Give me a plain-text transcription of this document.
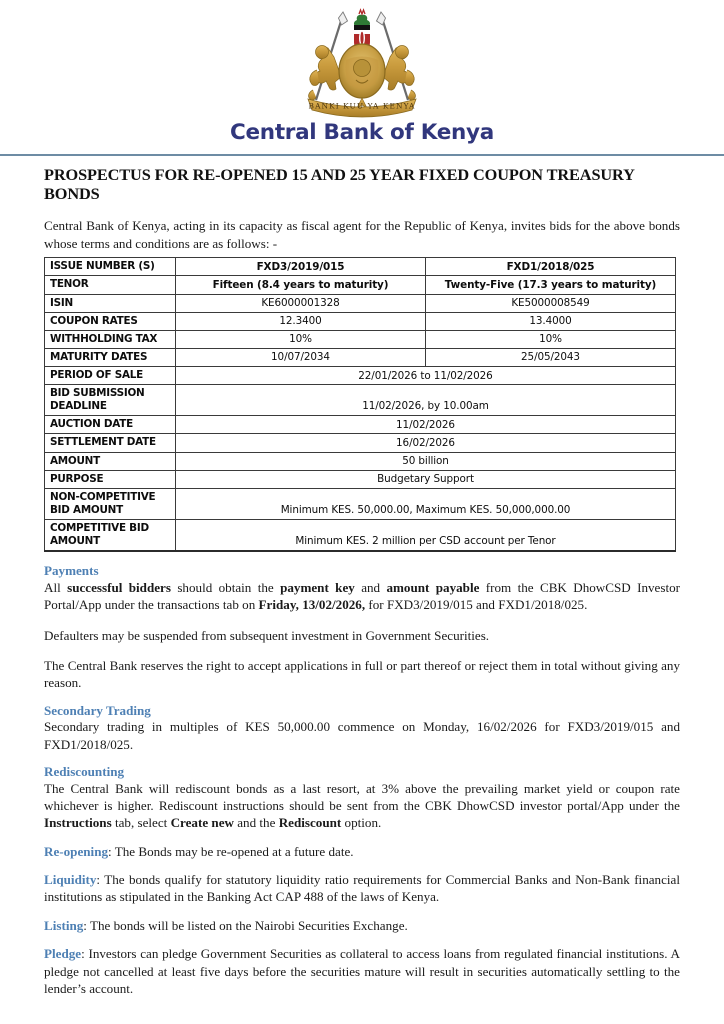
BANKI KUU YA KENYA
Central Bank of Kenya
PROSPECTUS FOR RE-OPENED 15 AND 25 YEAR FIXED COUPON TREASURY BONDS

Central Bank of Kenya, acting in its capacity as fiscal agent for the Republic of Kenya, invites bids for the above bonds whose terms and conditions are as follows: -

ISSUE NUMBER (S)	FXD3/2019/015	FXD1/2018/025
TENOR	Fifteen (8.4 years to maturity)	Twenty-Five (17.3 years to maturity)
ISIN	KE6000001328	KE5000008549
COUPON RATES	12.3400	13.4000
WITHHOLDING TAX	10%	10%
MATURITY DATES	10/07/2034	25/05/2043
PERIOD OF SALE	22/01/2026 to 11/02/2026	
BID SUBMISSION DEADLINE	11/02/2026, by 10.00am	
AUCTION DATE	11/02/2026	
SETTLEMENT DATE	16/02/2026	
AMOUNT	50 billion	
PURPOSE	Budgetary Support	
NON-COMPETITIVE BID AMOUNT	Minimum KES. 50,000.00, Maximum KES. 50,000,000.00	
COMPETITIVE BID AMOUNT	Minimum KES. 2 million per CSD account per Tenor	
Payments

All successful bidders should obtain the payment key and amount payable from the CBK DhowCSD Investor Portal/App under the transactions tab on Friday, 13/02/2026, for FXD3/2019/015 and FXD1/2018/025.

Defaulters may be suspended from subsequent investment in Government Securities.

The Central Bank reserves the right to accept applications in full or part thereof or reject them in total without giving any reason.

Secondary Trading

Secondary trading in multiples of KES 50,000.00 commence on Monday, 16/02/2026 for FXD3/2019/015 and FXD1/2018/025.

Rediscounting

The Central Bank will rediscount bonds as a last resort, at 3% above the prevailing market yield or coupon rate whichever is higher. Rediscount instructions should be sent from the CBK DhowCSD investor portal/App under the Instructions tab, select Create new and the Rediscount option.

Re-opening: The Bonds may be re-opened at a future date.

Liquidity: The bonds qualify for statutory liquidity ratio requirements for Commercial Banks and Non-Bank financial institutions as stipulated in the Banking Act CAP 488 of the laws of Kenya.

Listing: The bonds will be listed on the Nairobi Securities Exchange.

Pledge: Investors can pledge Government Securities as collateral to access loans from regulated financial institutions. A pledge not cancelled at least five days before the securities mature will result in securities automatically settling to the lender’s account.
